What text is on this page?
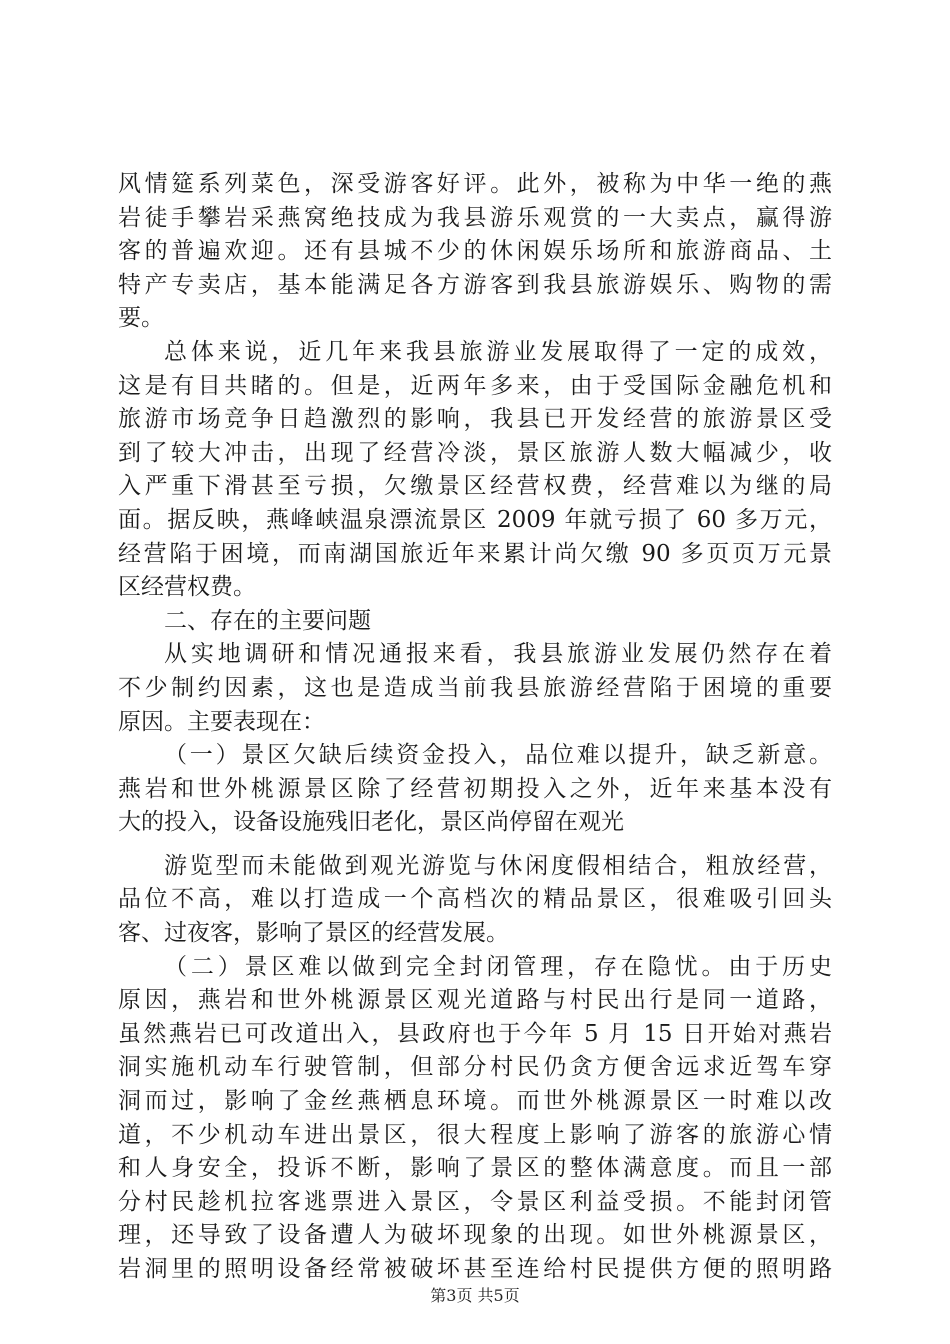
风情筵系列菜色，深受游客好评。此外，被称为中华一绝的燕
岩徒手攀岩采燕窝绝技成为我县游乐观赏的一大卖点，赢得游
客的普遍欢迎。还有县城不少的休闲娱乐场所和旅游商品、土
特产专卖店，基本能满足各方游客到我县旅游娱乐、购物的需
要。
总体来说，近几年来我县旅游业发展取得了一定的成效，
这是有目共睹的。但是，近两年多来，由于受国际金融危机和
旅游市场竞争日趋激烈的影响，我县已开发经营的旅游景区受
到了较大冲击，出现了经营冷淡，景区旅游人数大幅减少，收
入严重下滑甚至亏损，欠缴景区经营权费，经营难以为继的局
面。据反映，燕峰峡温泉漂流景区 2009 年就亏损了 60 多万元，
经营陷于困境，而南湖国旅近年来累计尚欠缴 90 多页页万元景
区经营权费。
二、存在的主要问题
从实地调研和情况通报来看，我县旅游业发展仍然存在着
不少制约因素，这也是造成当前我县旅游经营陷于困境的重要
原因。主要表现在：
（一）景区欠缺后续资金投入，品位难以提升，缺乏新意。
燕岩和世外桃源景区除了经营初期投入之外，近年来基本没有
大的投入，设备设施残旧老化，景区尚停留在观光
游览型而未能做到观光游览与休闲度假相结合，粗放经营，
品位不高，难以打造成一个高档次的精品景区，很难吸引回头
客、过夜客，影响了景区的经营发展。
（二）景区难以做到完全封闭管理，存在隐忧。由于历史
原因，燕岩和世外桃源景区观光道路与村民出行是同一道路，
虽然燕岩已可改道出入，县政府也于今年 5 月 15 日开始对燕岩
洞实施机动车行驶管制，但部分村民仍贪方便舍远求近驾车穿
洞而过，影响了金丝燕栖息环境。而世外桃源景区一时难以改
道，不少机动车进出景区，很大程度上影响了游客的旅游心情
和人身安全，投诉不断，影响了景区的整体满意度。而且一部
分村民趁机拉客逃票进入景区，令景区利益受损。不能封闭管
理，还导致了设备遭人为破坏现象的出现。如世外桃源景区，
岩洞里的照明设备经常被破坏甚至连给村民提供方便的照明路
第3页 共5页
